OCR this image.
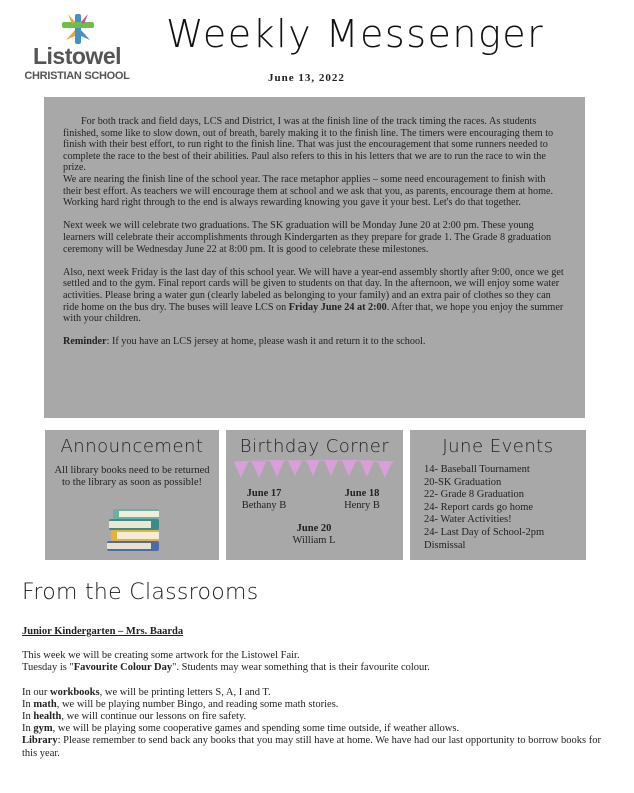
Listowel
CHRISTIAN SCHOOL
Weekly Messenger
June 13, 2022

For both track and field days, LCS and District, I was at the finish line of the track timing the races. As students finished, some like to slow down, out of breath, barely making it to the finish line. The timers were encouraging them to finish with their best effort, to run right to the finish line. That was just the encouragement that some runners needed to complete the race to the best of their abilities. Paul also refers to this in his letters that we are to run the race to win the prize.

We are nearing the finish line of the school year. The race metaphor applies – some need encouragement to finish with their best effort. As teachers we will encourage them at school and we ask that you, as parents, encourage them at home. Working hard right through to the end is always rewarding knowing you gave it your best. Let's do that together.

Next week we will celebrate two graduations. The SK graduation will be Monday June 20 at 2:00 pm. These young learners will celebrate their accomplishments through Kindergarten as they prepare for grade 1. The Grade 8 graduation ceremony will be Wednesday June 22 at 8:00 pm. It is good to celebrate these milestones.

Also, next week Friday is the last day of this school year. We will have a year-end assembly shortly after 9:00, once we get settled and to the gym. Final report cards will be given to students on that day. In the afternoon, we will enjoy some water activities. Please bring a water gun (clearly labeled as belonging to your family) and an extra pair of clothes so they can ride home on the bus dry. The buses will leave LCS on Friday June 24 at 2:00. After that, we hope you enjoy the summer with your children.

Reminder: If you have an LCS jersey at home, please wash it and return it to the school.

Announcement
All library books need to be returned to the library as soon as possible!
Birthday Corner
June 17
Bethany B
June 18
Henry B
June 20
William L
June Events
14- Baseball Tournament
20-SK Graduation
22- Grade 8 Graduation
24- Report cards go home
24- Water Activities!
24- Last Day of School-2pm Dismissal
From the Classrooms
Junior Kindergarten – Mrs. Baarda

This week we will be creating some artwork for the Listowel Fair.

Tuesday is "Favourite Colour Day". Students may wear something that is their favourite colour.

In our workbooks, we will be printing letters S, A, I and T.

In math, we will be playing number Bingo, and reading some math stories.

In health, we will continue our lessons on fire safety.

In gym, we will be playing some cooperative games and spending some time outside, if weather allows.

Library: Please remember to send back any books that you may still have at home. We have had our last opportunity to borrow books for this year.
